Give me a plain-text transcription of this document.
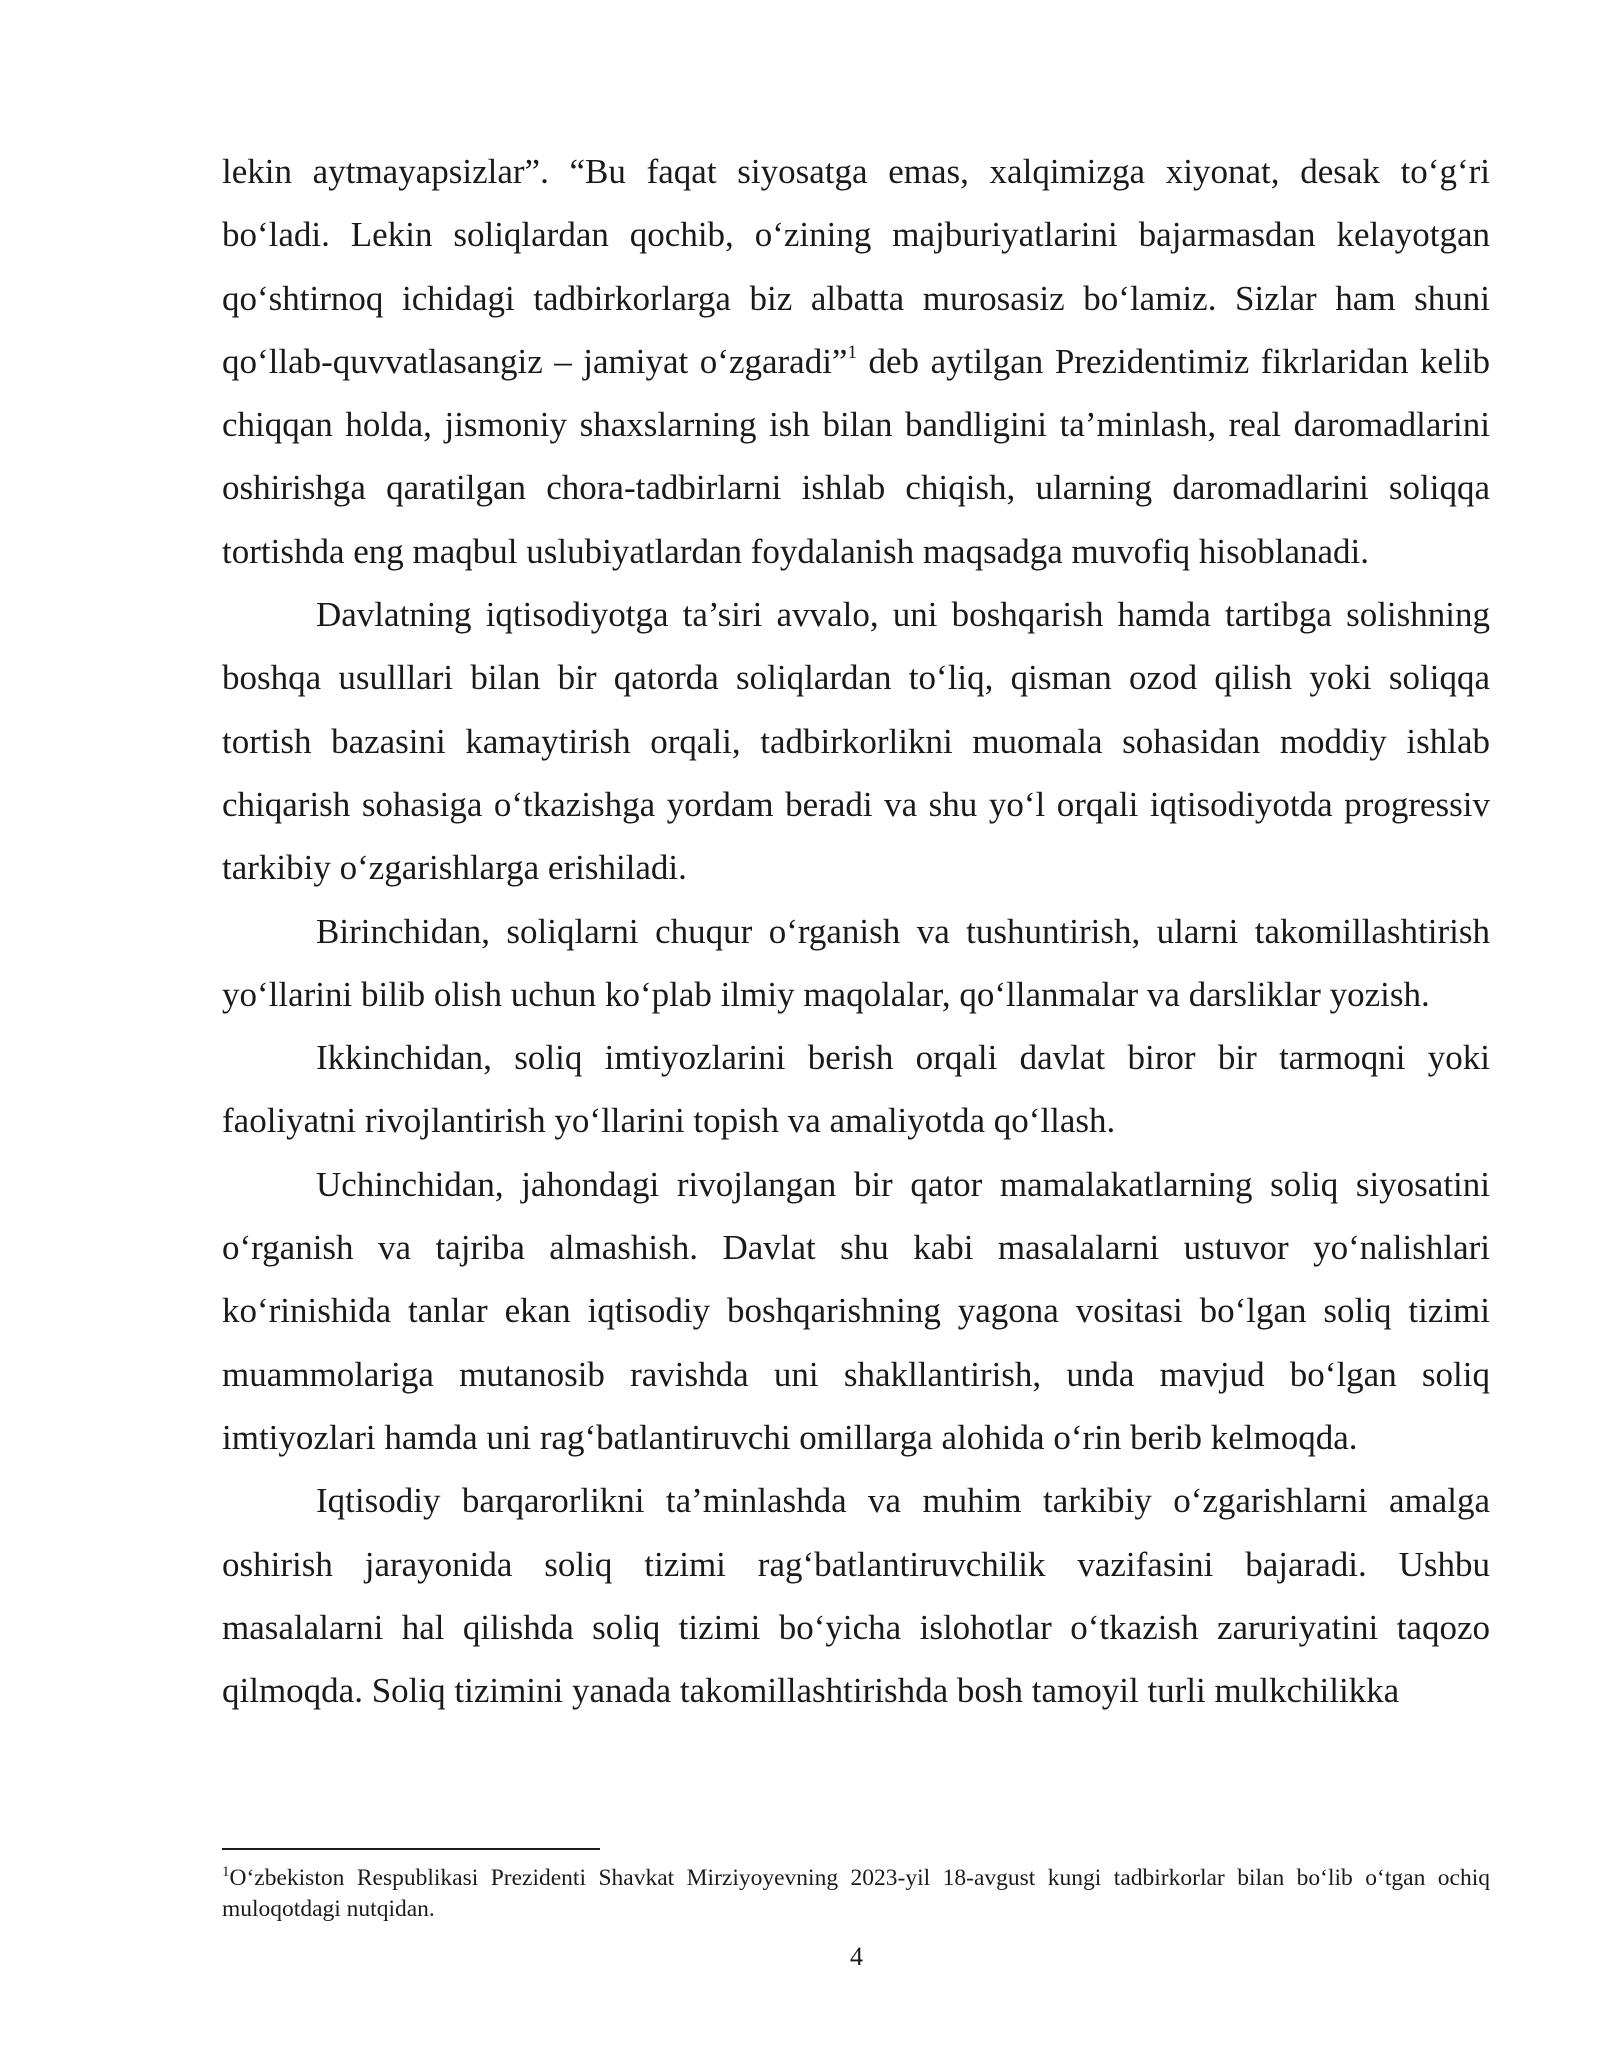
lekin aytmayapsizlar”. “Bu faqat siyosatga emas, xalqimizga xiyonat, desak to‘g‘ri bo‘ladi. Lekin soliqlardan qochib, o‘zining majburiyatlarini bajarmasdan kelayotgan qo‘shtirnoq ichidagi tadbirkorlarga biz albatta murosasiz bo‘lamiz. Sizlar ham shuni qo‘llab-quvvatlasangiz – jamiyat o‘zgaradi”$^1$ deb aytilgan Prezidentimiz fikrlaridan kelib chiqqan holda, jismoniy shaxslarning ish bilan bandligini ta’minlash, real daromadlarini oshirishga qaratilgan chora-tadbirlarni ishlab chiqish, ularning daromadlarini soliqqa tortishda eng maqbul uslubiyatlardan foydalanish maqsadga muvofiq hisoblanadi.

Davlatning iqtisodiyotga ta’siri avvalo, uni boshqarish hamda tartibga solishning boshqa usulllari bilan bir qatorda soliqlardan to‘liq, qisman ozod qilish yoki soliqqa tortish bazasini kamaytirish orqali, tadbirkorlikni muomala sohasidan moddiy ishlab chiqarish sohasiga o‘tkazishga yordam beradi va shu yo‘l orqali iqtisodiyotda progressiv tarkibiy o‘zgarishlarga erishiladi.

Birinchidan, soliqlarni chuqur o‘rganish va tushuntirish, ularni takomillashtirish yo‘llarini bilib olish uchun ko‘plab ilmiy maqolalar, qo‘llanmalar va darsliklar yozish.

Ikkinchidan, soliq imtiyozlarini berish orqali davlat biror bir tarmoqni yoki faoliyatni rivojlantirish yo‘llarini topish va amaliyotda qo‘llash.

Uchinchidan, jahondagi rivojlangan bir qator mamalakatlarning soliq siyosatini o‘rganish va tajriba almashish. Davlat shu kabi masalalarni ustuvor yo‘nalishlari ko‘rinishida tanlar ekan iqtisodiy boshqarishning yagona vositasi bo‘lgan soliq tizimi muammolariga mutanosib ravishda uni shakllantirish, unda mavjud bo‘lgan soliq imtiyozlari hamda uni rag‘batlantiruvchi omillarga alohida o‘rin berib kelmoqda.

Iqtisodiy barqarorlikni ta’minlashda va muhim tarkibiy o‘zgarishlarni amalga oshirish jarayonida soliq tizimi rag‘batlantiruvchilik vazifasini bajaradi. Ushbu masalalarni hal qilishda soliq tizimi bo‘yicha islohotlar o‘tkazish zaruriyatini taqozo qilmoqda. Soliq tizimini yanada takomillashtirishda bosh tamoyil turli mulkchilikka

$^1$O‘zbekiston Respublikasi Prezidenti Shavkat Mirziyoyevning 2023-yil 18-avgust kungi tadbirkorlar bilan bo‘lib o‘tgan ochiq muloqotdagi nutqidan.
4
